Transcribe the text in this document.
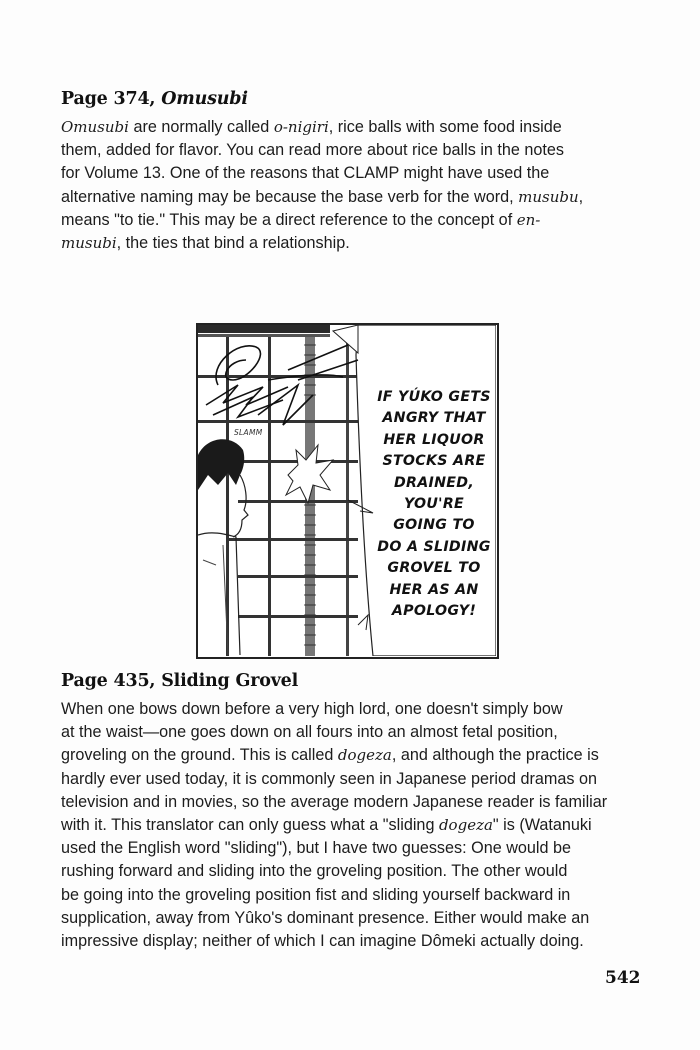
Page 374, Omusubi
Omusubi are normally called o-nigiri, rice balls with some food inside
them, added for flavor. You can read more about rice balls in the notes
for Volume 13. One of the reasons that CLAMP might have used the
alternative naming may be because the base verb for the word, musubu,
means "to tie." This may be a direct reference to the concept of en-
musubi, the ties that bind a relationship.
SLAMM
IF YÚKO GETS
ANGRY THAT
HER LIQUOR
STOCKS ARE
DRAINED,
YOU'RE
GOING TO
DO A SLIDING
GROVEL TO
HER AS AN
APOLOGY!
Page 435, Sliding Grovel
When one bows down before a very high lord, one doesn't simply bow
at the waist—one goes down on all fours into an almost fetal position,
groveling on the ground. This is called dogeza, and although the practice is
hardly ever used today, it is commonly seen in Japanese period dramas on
television and in movies, so the average modern Japanese reader is familiar
with it. This translator can only guess what a "sliding dogeza" is (Watanuki
used the English word "sliding"), but I have two guesses: One would be
rushing forward and sliding into the groveling position. The other would
be going into the groveling position ﬁst and sliding yourself backward in
supplication, away from Yûko's dominant presence. Either would make an
impressive display; neither of which I can imagine Dômeki actually doing.
542
